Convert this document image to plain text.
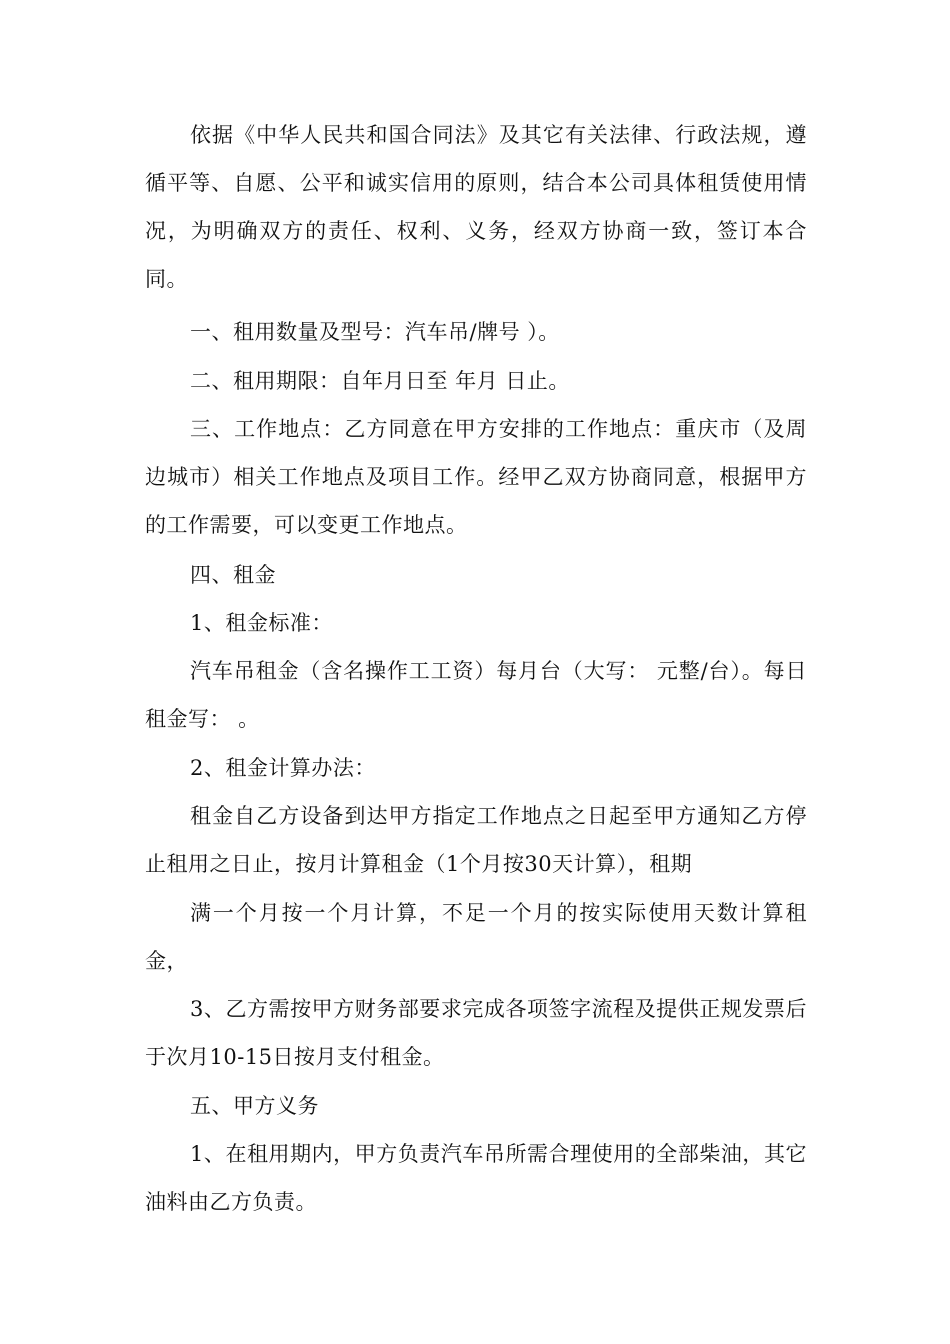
依据《中华人民共和国合同法》及其它有关法律、行政法规，遵循平等、自愿、公平和诚实信用的原则，结合本公司具体租赁使用情况，为明确双方的责任、权利、义务，经双方协商一致，签订本合同。

一、租用数量及型号：汽车吊/牌号 ）。

二、租用期限：自年月日至 年月 日止。

三、工作地点：乙方同意在甲方安排的工作地点：重庆市（及周边城市）相关工作地点及项目工作。经甲乙双方协商同意，根据甲方的工作需要，可以变更工作地点。

四、租金

1、租金标准：

汽车吊租金（含名操作工工资）每月台（大写： 元整/台）。每日租金写： 。

2、租金计算办法：

租金自乙方设备到达甲方指定工作地点之日起至甲方通知乙方停止租用之日止，按月计算租金（1个月按30天计算），租期

满一个月按一个月计算，不足一个月的按实际使用天数计算租金，

3、乙方需按甲方财务部要求完成各项签字流程及提供正规发票后于次月10-15日按月支付租金。

五、甲方义务

1、在租用期内，甲方负责汽车吊所需合理使用的全部柴油，其它油料由乙方负责。
